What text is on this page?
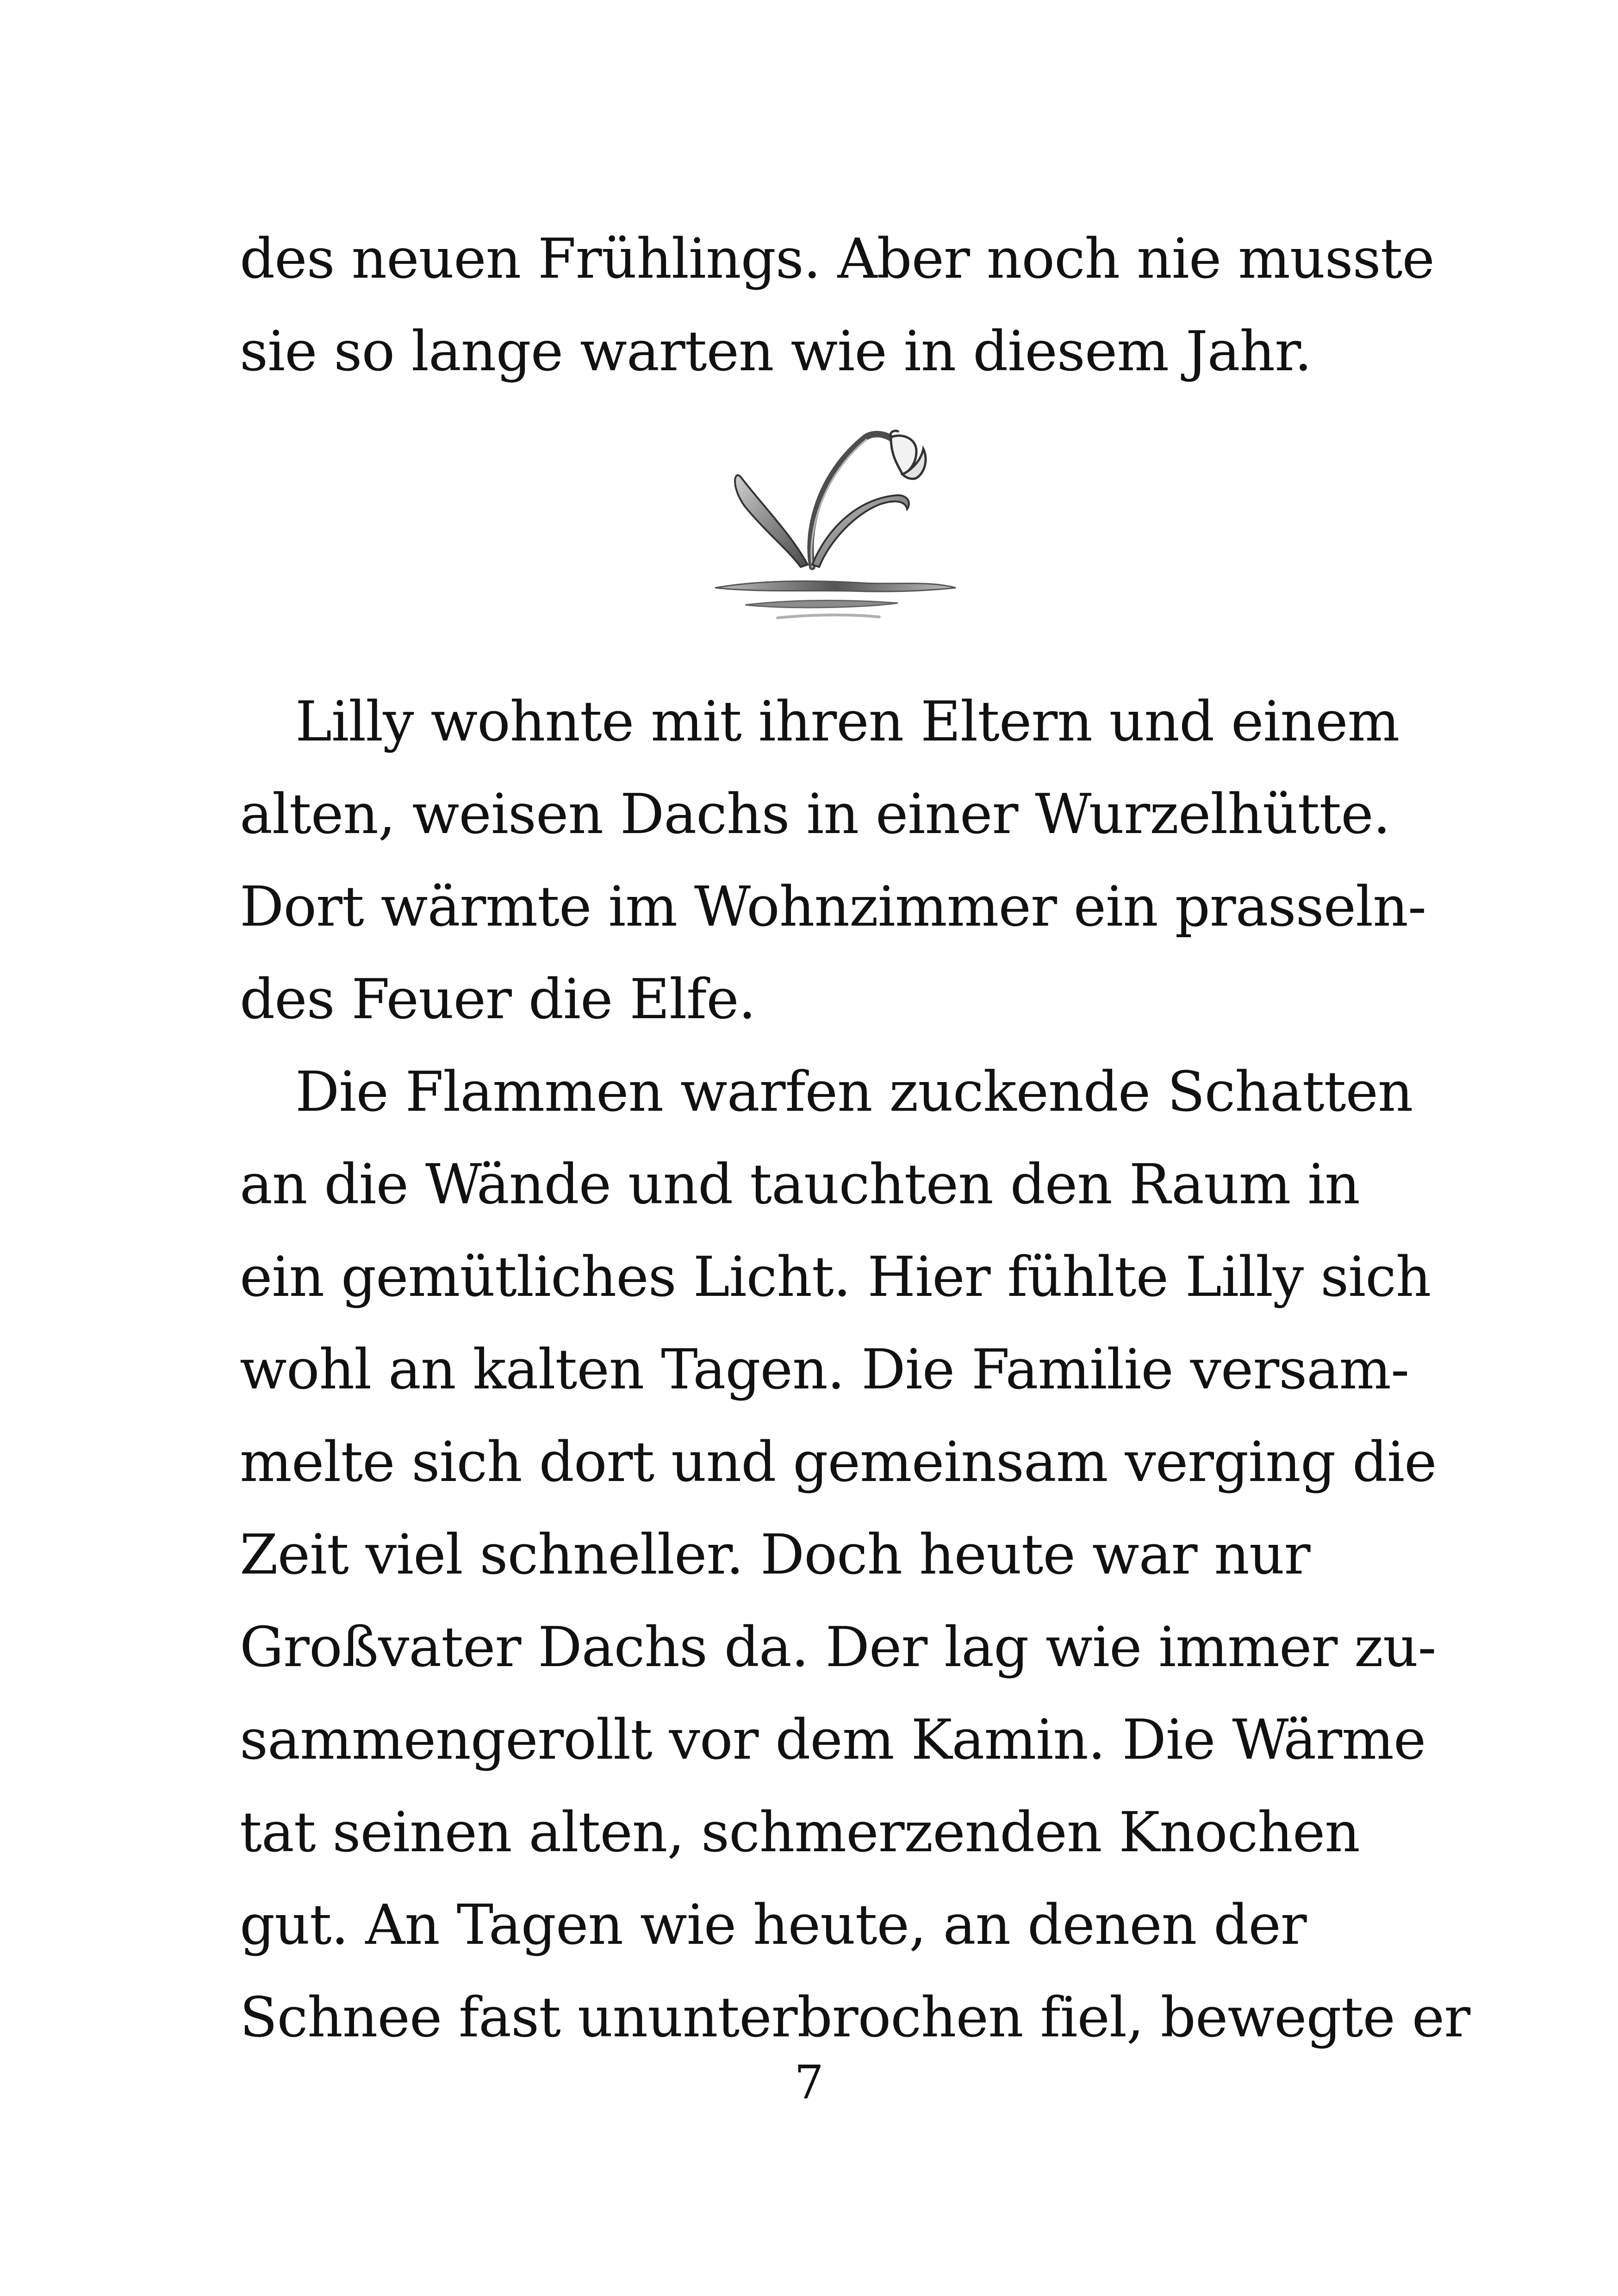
des neuen Frühlings. Aber noch nie musste
sie so lange warten wie in diesem Jahr.
Lilly wohnte mit ihren Eltern und einem
alten, weisen Dachs in einer Wurzelhütte.
Dort wärmte im Wohnzimmer ein prasseln-
des Feuer die Elfe.
Die Flammen warfen zuckende Schatten
an die Wände und tauchten den Raum in
ein gemütliches Licht. Hier fühlte Lilly sich
wohl an kalten Tagen. Die Familie versam-
melte sich dort und gemeinsam verging die
Zeit viel schneller. Doch heute war nur
Großvater Dachs da. Der lag wie immer zu-
sammengerollt vor dem Kamin. Die Wärme
tat seinen alten, schmerzenden Knochen
gut. An Tagen wie heute, an denen der
Schnee fast ununterbrochen fiel, bewegte er
7
